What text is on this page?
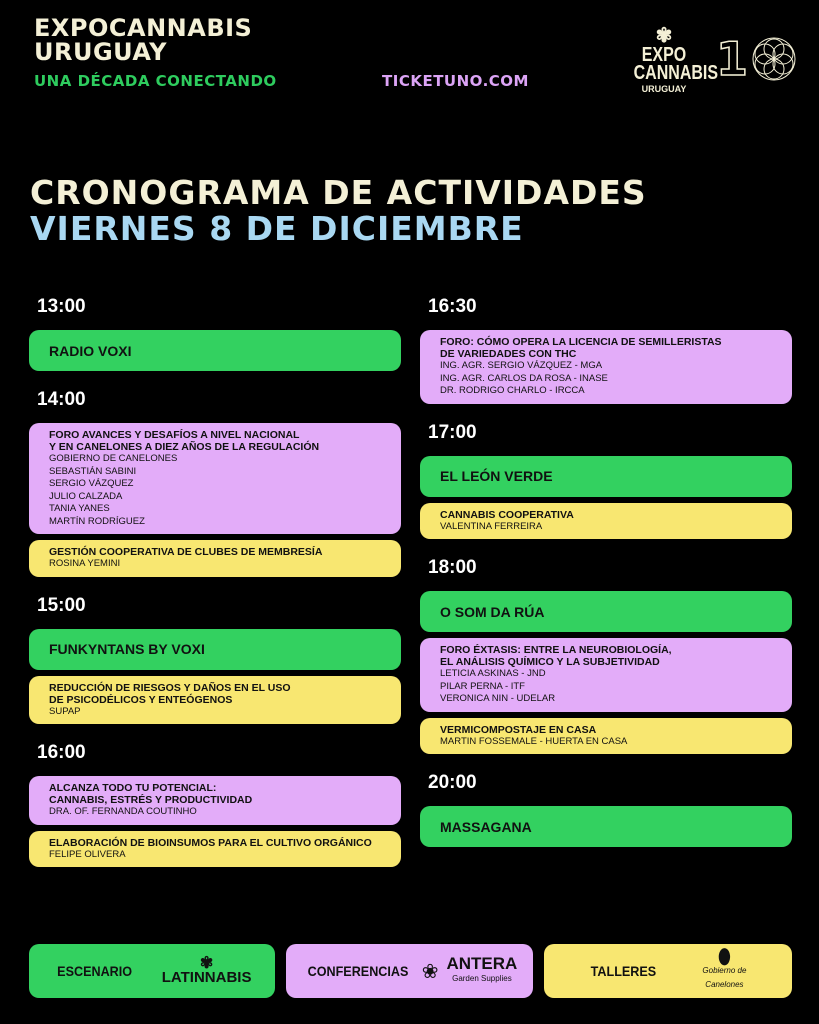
EXPOCANNABIS
URUGUAY
UNA DÉCADA CONECTANDO	TICKETUNO.COM
✾
EXPO
CANNABIS
URUGUAY
1
CRONOGRAMA DE ACTIVIDADES
VIERNES 8 DE DICIEMBRE
13:00
RADIO VOXI
14:00
FORO AVANCES Y DESAFÍOS A NIVEL NACIONAL
Y EN CANELONES A DIEZ AÑOS DE LA REGULACIÓN
GOBIERNO DE CANELONES
SEBASTIÁN SABINI
SERGIO VÁZQUEZ
JULIO CALZADA
TANIA YANES
MARTÍN RODRÍGUEZ
GESTIÓN COOPERATIVA DE CLUBES DE MEMBRESÍA
ROSINA YEMINI
15:00
FUNKYNTANS BY VOXI
REDUCCIÓN DE RIESGOS Y DAÑOS EN EL USO
DE PSICODÉLICOS Y ENTEÓGENOS
SUPAP
16:00
ALCANZA TODO TU POTENCIAL:
CANNABIS, ESTRÉS Y PRODUCTIVIDAD
DRA. OF. FERNANDA COUTINHO
ELABORACIÓN DE BIOINSUMOS PARA EL CULTIVO ORGÁNICO
FELIPE OLIVERA
16:30
FORO: CÓMO OPERA LA LICENCIA DE SEMILLERISTAS
DE VARIEDADES CON THC
ING. AGR. SERGIO VÁZQUEZ - MGA
ING. AGR. CARLOS DA ROSA - INASE
DR. RODRIGO CHARLO - IRCCA
17:00
EL LEÓN VERDE
CANNABIS COOPERATIVA
VALENTINA FERREIRA
18:00
O SOM DA RÚA
FORO ÉXTASIS: ENTRE LA NEUROBIOLOGÍA,
EL ANÁLISIS QUÍMICO Y LA SUBJETIVIDAD
LETICIA ASKINAS - JND
PILAR PERNA - ITF
VERONICA NIN - UDELAR
VERMICOMPOSTAJE EN CASA
MARTIN FOSSEMALE - HUERTA EN CASA
20:00
MASSAGANA
ESCENARIO	✾
LATINNABIS	CONFERENCIAS ❀ ANTERA
Garden Supplies	TALLERES
⬮
Gobierno de Canelones
